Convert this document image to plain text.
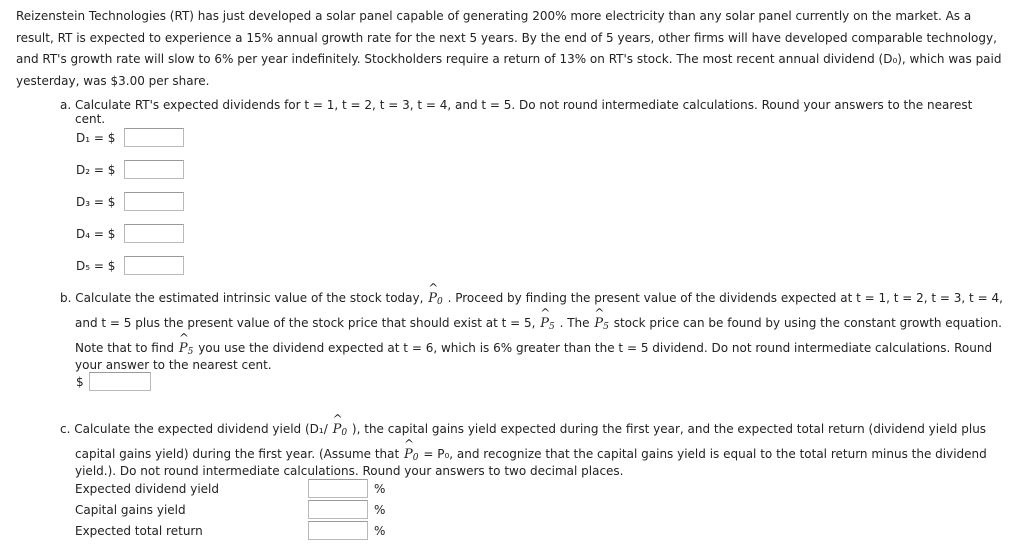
Reizenstein Technologies (RT) has just developed a solar panel capable of generating 200% more electricity than any solar panel currently on the market. As a result, RT is expected to experience a 15% annual growth rate for the next 5 years. By the end of 5 years, other firms will have developed comparable technology, and RT's growth rate will slow to 6% per year indefinitely. Stockholders require a return of 13% on RT's stock. The most recent annual dividend (D₀), which was paid yesterday, was $3.00 per share.

a. Calculate RT's expected dividends for t = 1, t = 2, t = 3, t = 4, and t = 5. Do not round intermediate calculations. Round your answers to the nearest
cent.
D₁ = $
D₂ = $
D₃ = $
D₄ = $
D₅ = $
b. Calculate the estimated intrinsic value of the stock today,
^
P0 . Proceed by finding the present value of the dividends expected at t = 1, t = 2, t = 3, t = 4,
and t = 5 plus the present value of the stock price that should exist at t = 5,
^
P5 . The
^
P5 stock price can be found by using the constant growth equation.
Note that to find
^
P5 you use the dividend expected at t = 6, which is 6% greater than the t = 5 dividend. Do not round intermediate calculations. Round
your answer to the nearest cent.
$
c. Calculate the expected dividend yield (D₁/
^
P0 ), the capital gains yield expected during the first year, and the expected total return (dividend yield plus
capital gains yield) during the first year. (Assume that
^
P0 = P₀, and recognize that the capital gains yield is equal to the total return minus the dividend
yield.). Do not round intermediate calculations. Round your answers to two decimal places.
Expected dividend yield	%
Capital gains yield	%
Expected total return	%
